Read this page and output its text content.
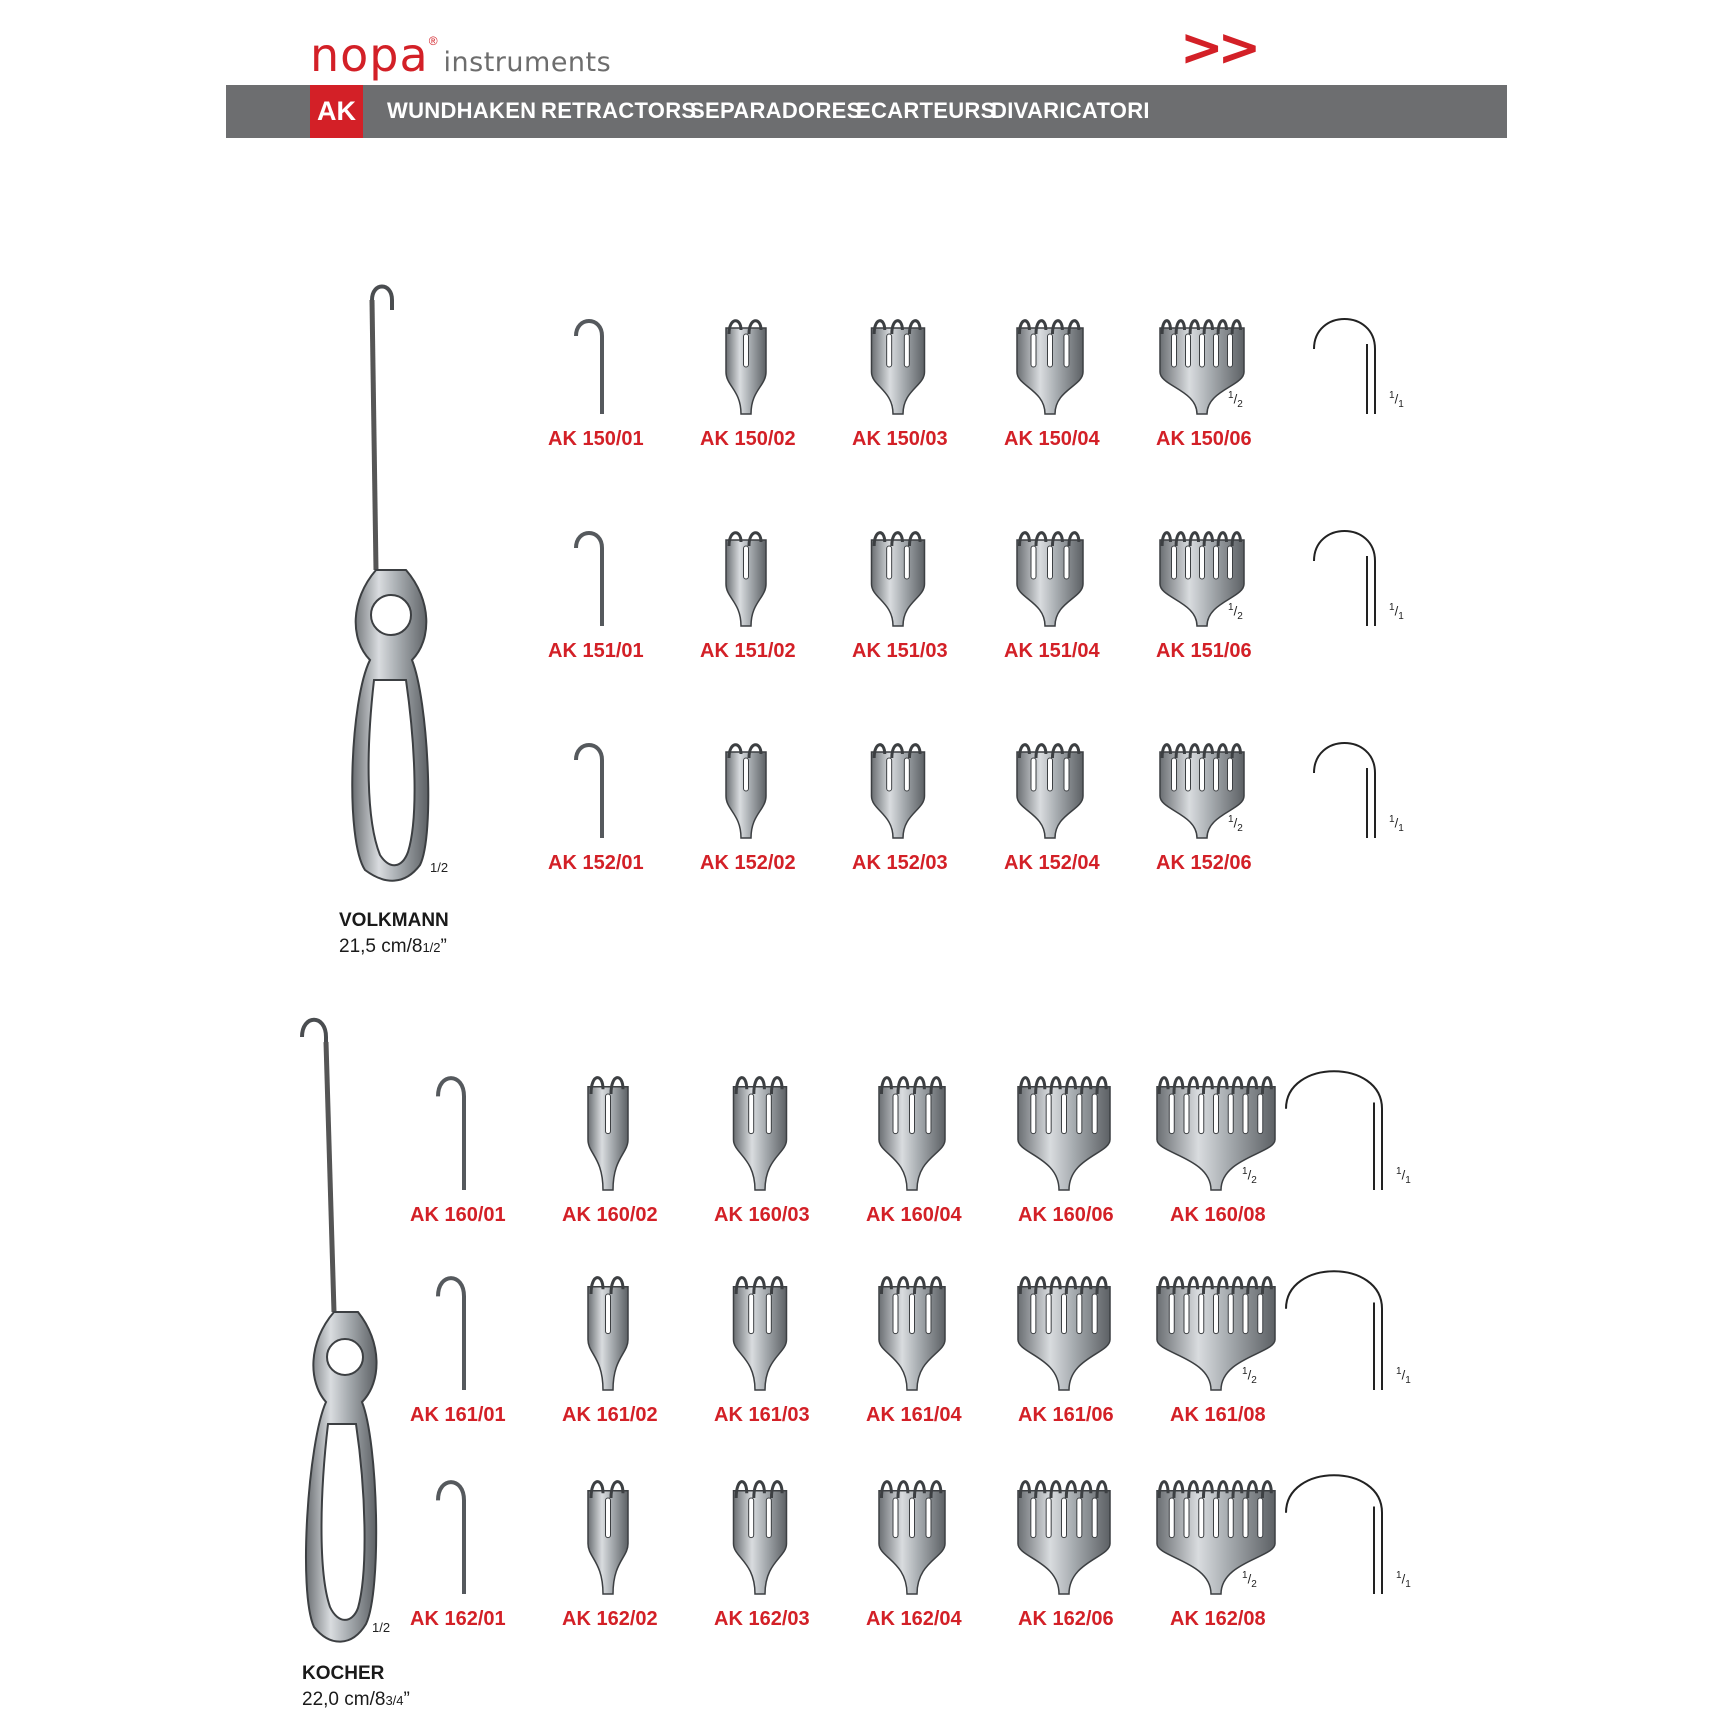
nopa®instruments	>>
AK	WUNDHAKEN RETRACTORS
SEPARADORES
ECARTEURS
DIVARICATORI
1/2
VOLKMANN
21,5 cm/81/2”
AK 150/01	AK 150/02	AK 150/03	AK 150/04	AK 150/06
$^1/_2$
$^1/_1$
AK 151/01	AK 151/02	AK 151/03	AK 151/04	AK 151/06
$^1/_2$
$^1/_1$
AK 152/01	AK 152/02	AK 152/03	AK 152/04	AK 152/06
$^1/_2$
$^1/_1$
1/2
KOCHER
22,0 cm/83/4”
AK 160/01	AK 160/02	AK 160/03	AK 160/04	AK 160/06	AK 160/08
$^1/_2$
$^1/_1$
AK 161/01	AK 161/02	AK 161/03	AK 161/04	AK 161/06	AK 161/08
$^1/_2$
$^1/_1$
AK 162/01	AK 162/02	AK 162/03	AK 162/04	AK 162/06	AK 162/08
$^1/_2$
$^1/_1$
